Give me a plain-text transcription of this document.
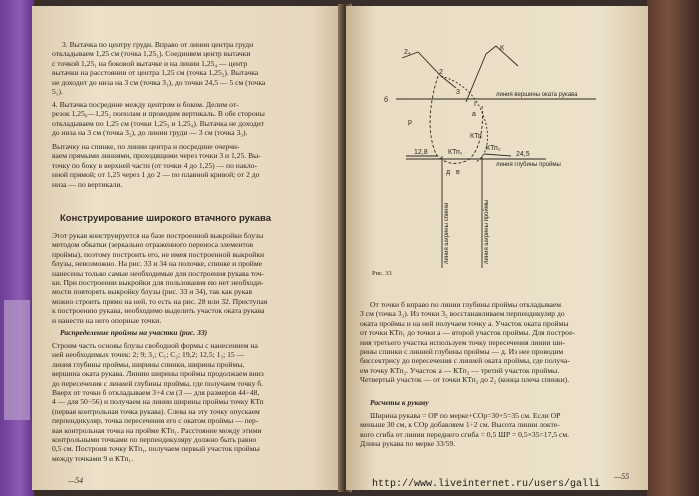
3. Вытачка по центру груди. Вправо от линии центра груди
откладываем 1,25 см (точка 1,25₁). Соединяем центр вытачки
с точкой 1,25₁ на боковой вытачке и на линии 1,25₄ — центр
вытачки на расстоянии от центра 1,25 см (точка 1,25₂). Вытачка
не доходит до низа на 3 см (точка 3₁), до точки 24,5 — 5 см (точка
5₁).
4. Вытачка посредине между центром и боком. Делим от-
резок 1,25₀—1,25₂ пополам и проводим вертикаль. В обе стороны
откладываем по 1,25 см (точки 1,25₃ и 1,25₄). Вытачка не доходит
до низа на 3 см (точка 3₂), до линии груди — 3 см (точка 3₃).
Вытачку на спинке, по линии центра и посредине очерчи-
ваем прямыми линиями, проходящими через точки 3 и 1,25. Вы-
точку по боку в верхней части (от точки 4 до 1,25) — по накло-
нной прямой; от 1,25 через 1 до 2 — по плавной кривой; от 2 до
низа — по вертикали.
Конструирование широкого втачного рукава
Этот рукав конструируется на базе построенной выкройки блузы
методом обкатки (зеркально отраженного переноса элементов
проймы), поэтому построить его, не имея построенной выкройки
блузы, невозможно. На рис. 33 и 34 на полочке, спинке и пройме
нанесены только самые необходимые для построения рукава точ-
ки. При построении выкройки для пользования ею нет необходи-
мости повторять выкройку блузы (рис. 33 и 34), так как рукав
можно строить прямо на ней, то есть на рис. 28 или 32. Приступая
к построению рукава, необходимо выделить участок оката рукава
и нанести на него опорные точки.
Распределение проймы на участки (рис. 33)
Строим часть основы блузы свободной формы с нанесением на
ней необходимых точек: 2; 9; 3₁; C₁; C₂; 19,2; 12,5; 1₃; 15 —
линия глубины проймы, ширины спинки, ширины проймы,
вершина оката рукава. Линию ширины проймы продолжаем вниз
до пересечения с линией глубины проймы, где получаем точку б.
Вверх от точки б откладываем 3+4 см (3 — для размеров 44÷48,
4 — для 50÷56) и получаем на линии ширины проймы точку КТп
(первая контрольная точка рукава). Слева на эту точку опускаем
перпендикуляр, точка пересечения его с окатом проймы — пер-
вая контрольная точка на пройме КТп₁. Расстояние между этими
контрольными точками по перпендикуляру должно быть равно
0,5 см. Построив точку КТп₁, получаем первый участок проймы
между точками 9 и КТп₁.
—54
2₄
К
б
р
2
3
12,8	КТп₁
КТп₂
КТп
а
д в
24,5
I
линия вершины оката рукава
линия глубины проймы
линия ширины спинки	линия ширины проймы
Рис. 33
От точки б вправо по линии глубины проймы откладываем
3 см (точка 3₂). Из точки 3₂ восстанавливаем перпендикуляр до
оката проймы и на ней получаем точку а. Участок оката проймы
от точки КТп₁ до точки а — второй участок проймы. Для построе-
ния третьего участка используем точку пересечения линии ши-
рины спинки с линией глубины проймы — д. Из нее проводим
биссектрису до пересечения с линией оката проймы, где получа-
ем точку КТп₂. Участок а — КТп₂ — третий участок проймы.
Четвертый участок — от точки КТп₂ до 2₂ (конца плеча спинки).
Расчеты к рукаву
Ширина рукава = ОР по мерке+СОр=30+5=35 см. Если ОР
меньше 30 см, к СОр добавляем 1÷2 см. Высота линии локте-
вого сгиба от линии переднего сгиба = 0,5 ШР = 0,5×35=17,5 см.
Длина рукава по мерке 33/59.
—55
http://www.liveinternet.ru/users/galli
